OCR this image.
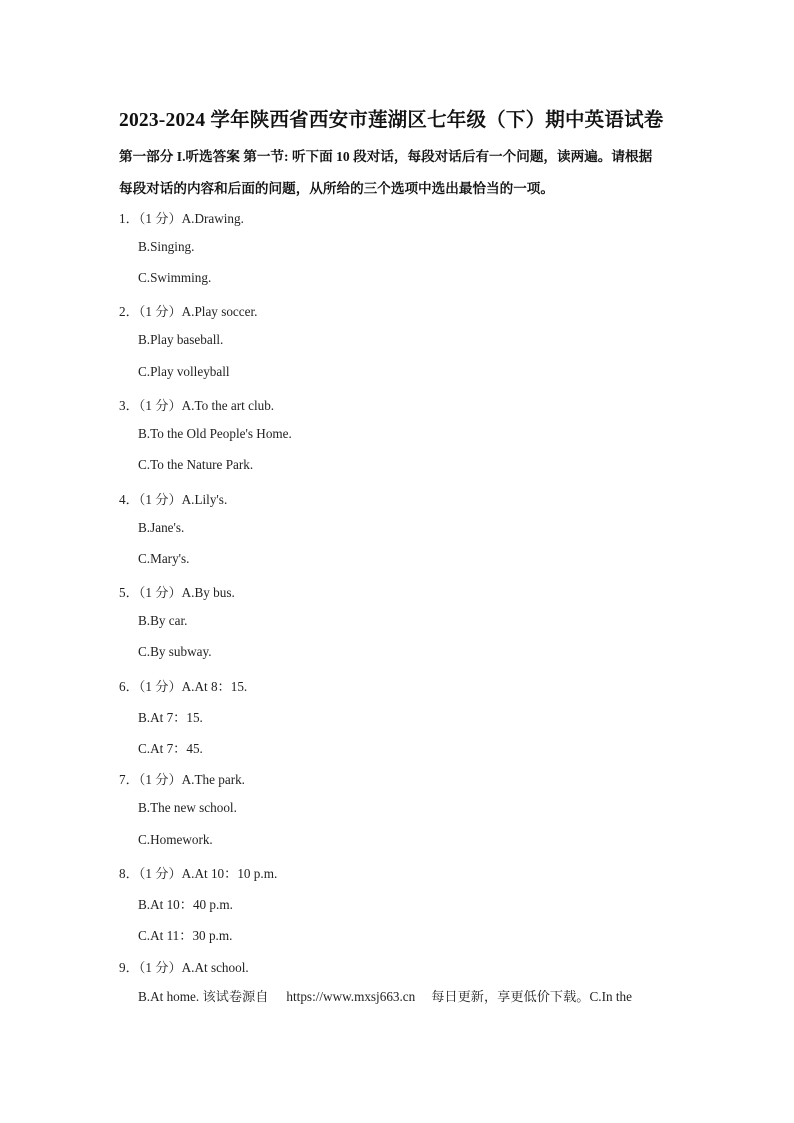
2023-2024 学年陕西省西安市莲湖区七年级（下）期中英语试卷
第一部分 I.听选答案 第一节: 听下面 10 段对话，每段对话后有一个问题，读两遍。请根据
每段对话的内容和后面的问题，从所给的三个选项中选出最恰当的一项。
1．（1 分）A.Drawing.
B.Singing.
C.Swimming.
2．（1 分）A.Play soccer.
B.Play baseball.
C.Play volleyball
3．（1 分）A.To the art club.
B.To the Old People's Home.
C.To the Nature Park.
4．（1 分）A.Lily's.
B.Jane's.
C.Mary's.
5．（1 分）A.By bus.
B.By car.
C.By subway.
6．（1 分）A.At 8：15.
B.At 7：15.
C.At 7：45.
7．（1 分）A.The park.
B.The new school.
C.Homework.
8．（1 分）A.At 10：10 p.m.
B.At 10：40 p.m.
C.At 11：30 p.m.
9．（1 分）A.At school.
B.At home. 该试卷源自 https://www.mxsj663.cn 每日更新，享更低价下载。C.In the
